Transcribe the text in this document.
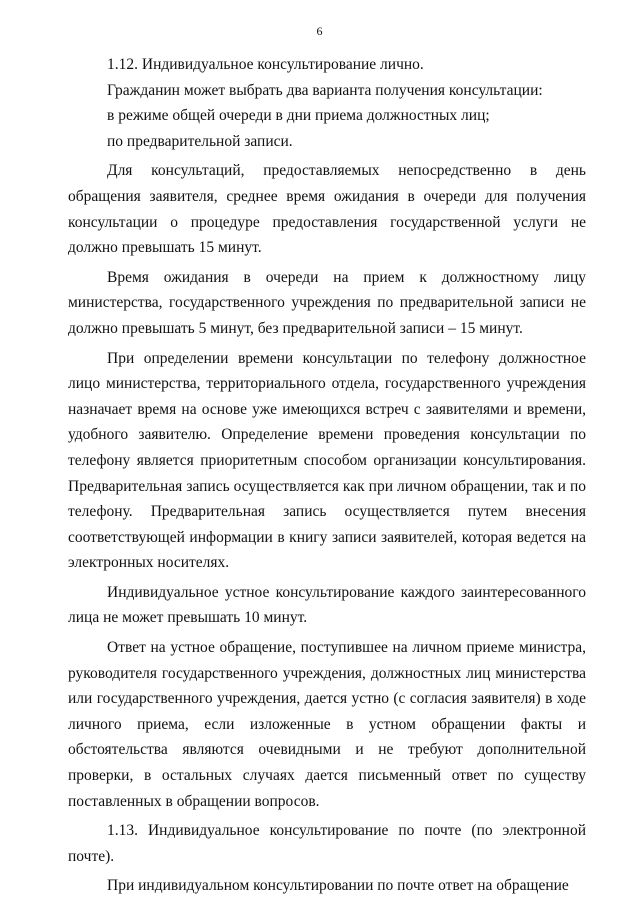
6

1.12. Индивидуальное консультирование лично.

Гражданин может выбрать два варианта получения консультации:

в режиме общей очереди в дни приема должностных лиц;

по предварительной записи.

Для консультаций, предоставляемых непосредственно в день обращения заявителя, среднее время ожидания в очереди для получения консультации о процедуре предоставления государственной услуги не должно превышать 15 минут.

Время ожидания в очереди на прием к должностному лицу министерства, государственного учреждения по предварительной записи не должно превышать 5 минут, без предварительной записи – 15 минут.

При определении времени консультации по телефону должностное лицо министерства, территориального отдела, государственного учреждения назначает время на основе уже имеющихся встреч с заявителями и времени, удобного заявителю. Определение времени проведения консультации по телефону является приоритетным способом организации консультирования. Предварительная запись осуществляется как при личном обращении, так и по телефону. Предварительная запись осуществляется путем внесения соответствующей информации в книгу записи заявителей, которая ведется на электронных носителях.

Индивидуальное устное консультирование каждого заинтересованного лица не может превышать 10 минут.

Ответ на устное обращение, поступившее на личном приеме министра, руководителя государственного учреждения, должностных лиц министерства или государственного учреждения, дается устно (с согласия заявителя) в ходе личного приема, если изложенные в устном обращении факты и обстоятельства являются очевидными и не требуют дополнительной проверки, в остальных случаях дается письменный ответ по существу поставленных в обращении вопросов.

1.13. Индивидуальное консультирование по почте (по электронной почте).

При индивидуальном консультировании по почте ответ на обращение
